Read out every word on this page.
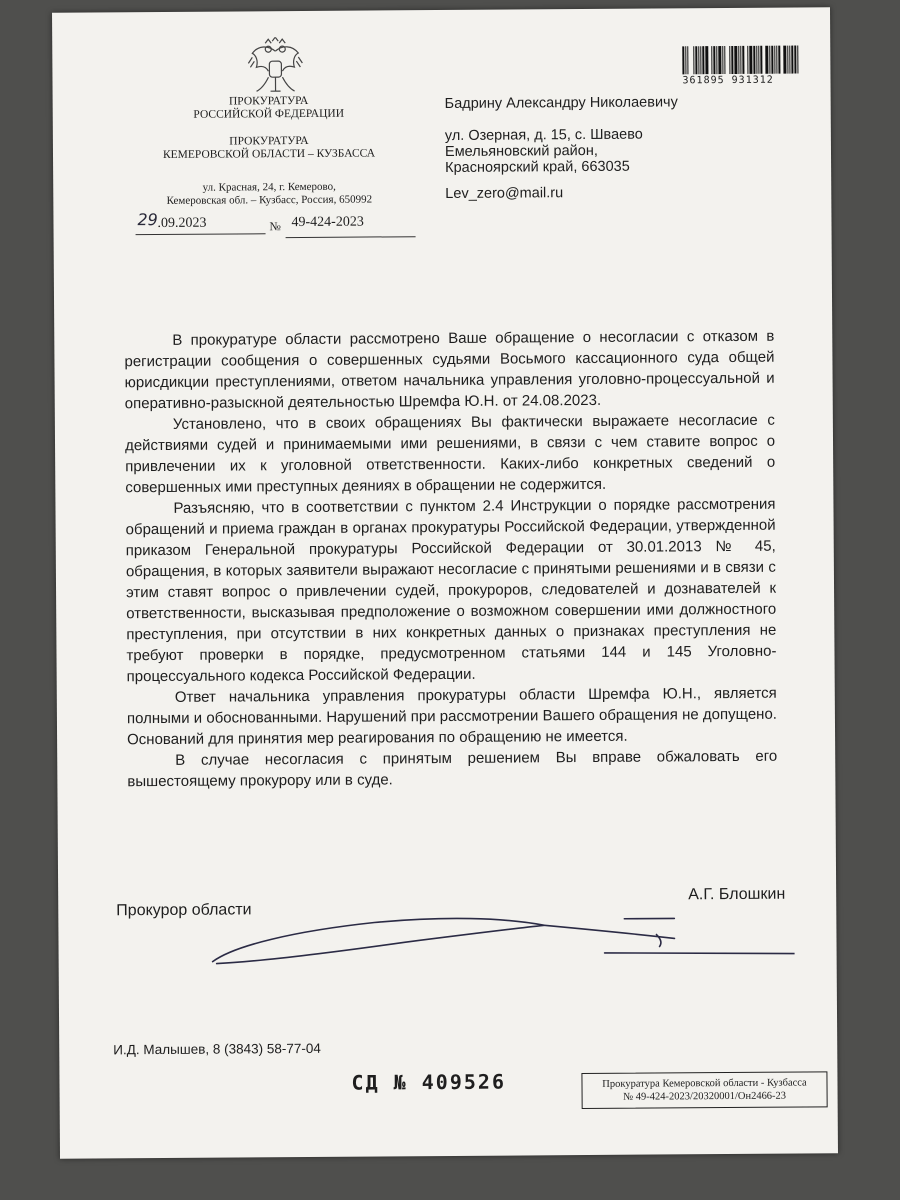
ПРОКУРАТУРА
РОССИЙСКОЙ ФЕДЕРАЦИИ
ПРОКУРАТУРА
КЕМЕРОВСКОЙ ОБЛАСТИ – КУЗБАССА
ул. Красная, 24, г. Кемерово,
Кемеровская обл. – Кузбасс, Россия, 650992
29 .09.2023	№ 49-424-2023
361895 931312
Бадрину Александру Николаевичу
ул. Озерная, д. 15, с. Шваево
Емельяновский район,
Красноярский край, 663035
Lev_zero@mail.ru

В прокуратуре области рассмотрено Ваше обращение о несогласии с отказом в регистрации сообщения о совершенных судьями Восьмого кассационного суда общей юрисдикции преступлениями, ответом начальника управления уголовно-процессуальной и оперативно-разыскной деятельностью Шремфа Ю.Н. от 24.08.2023.

Установлено, что в своих обращениях Вы фактически выражаете несогласие с действиями судей и принимаемыми ими решениями, в связи с чем ставите вопрос о привлечении их к уголовной ответственности. Каких-либо конкретных сведений о совершенных ими преступных деяниях в обращении не содержится.

Разъясняю, что в соответствии с пунктом 2.4 Инструкции о порядке рассмотрения обращений и приема граждан в органах прокуратуры Российской Федерации, утвержденной приказом Генеральной прокуратуры Российской Федерации от 30.01.2013 № 45, обращения, в которых заявители выражают несогласие с принятыми решениями и в связи с этим ставят вопрос о привлечении судей, прокуроров, следователей и дознавателей к ответственности, высказывая предположение о возможном совершении ими должностного преступления, при отсутствии в них конкретных данных о признаках преступления не требуют проверки в порядке, предусмотренном статьями 144 и 145 Уголовно-процессуального кодекса Российской Федерации.

Ответ начальника управления прокуратуры области Шремфа Ю.Н., является полными и обоснованными. Нарушений при рассмотрении Вашего обращения не допущено. Оснований для принятия мер реагирования по обращению не имеется.

В случае несогласия с принятым решением Вы вправе обжаловать его вышестоящему прокурору или в суде.

Прокурор области
А.Г. Блошкин
И.Д. Малышев, 8 (3843) 58-77-04
СД № 409526	Прокуратура Кемеровской области - Кузбасса
№ 49-424-2023/20320001/Он2466-23
